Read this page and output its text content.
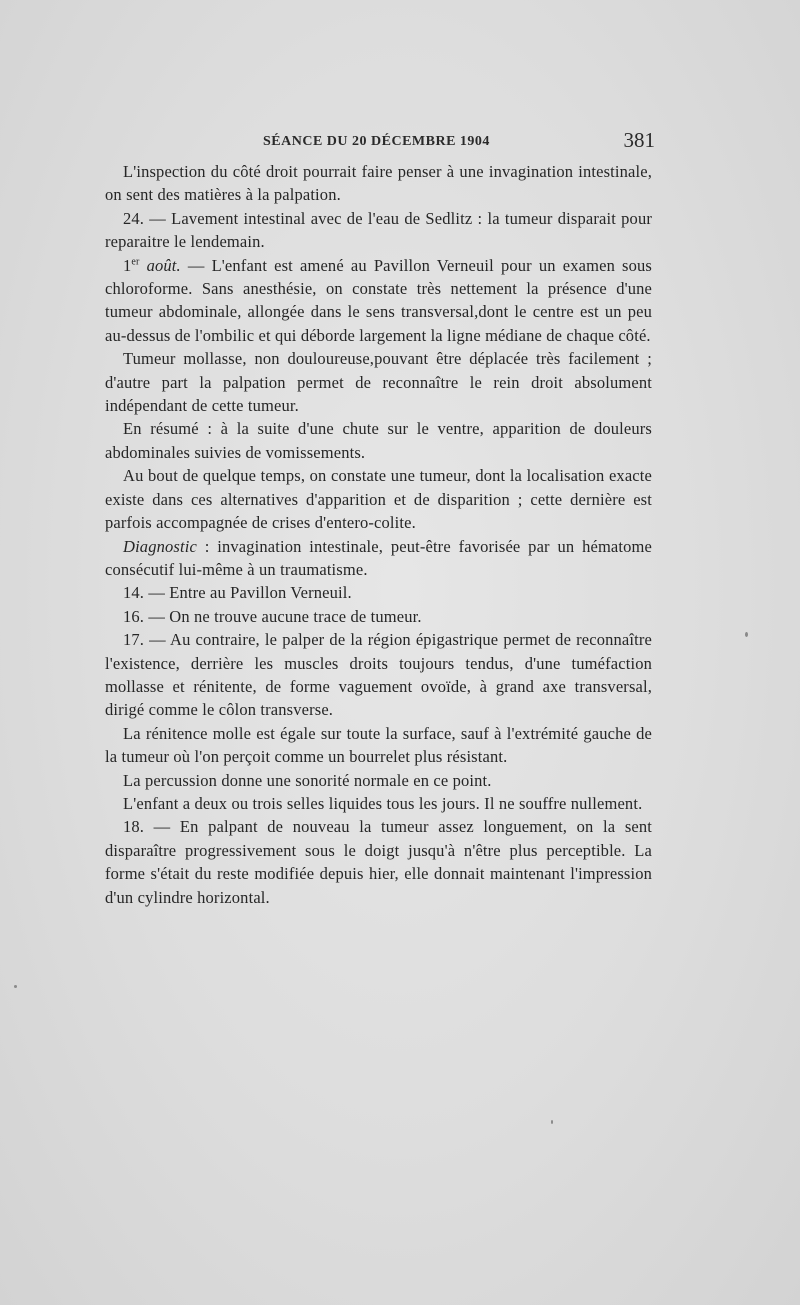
SÉANCE DU 20 DÉCEMBRE 1904	381

L'inspection du côté droit pourrait faire penser à une invagination intestinale, on sent des matières à la palpation.

24. — Lavement intestinal avec de l'eau de Sedlitz : la tumeur disparait pour reparaitre le lendemain.

1er août. — L'enfant est amené au Pavillon Verneuil pour un examen sous chloroforme. Sans anesthésie, on constate très nettement la présence d'une tumeur abdominale, allongée dans le sens transversal,dont le centre est un peu au-dessus de l'ombilic et qui déborde largement la ligne médiane de chaque côté.

Tumeur mollasse, non douloureuse,pouvant être déplacée très facilement ; d'autre part la palpation permet de reconnaître le rein droit absolument indépendant de cette tumeur.

En résumé : à la suite d'une chute sur le ventre, apparition de douleurs abdominales suivies de vomissements.

Au bout de quelque temps, on constate une tumeur, dont la localisation exacte existe dans ces alternatives d'apparition et de disparition ; cette dernière est parfois accompagnée de crises d'entero-colite.

Diagnostic : invagination intestinale, peut-être favorisée par un hématome consécutif lui-même à un traumatisme.

14. — Entre au Pavillon Verneuil.

16. — On ne trouve aucune trace de tumeur.

17. — Au contraire, le palper de la région épigastrique permet de reconnaître l'existence, derrière les muscles droits toujours tendus, d'une tuméfaction mollasse et rénitente, de forme vaguement ovoïde, à grand axe transversal, dirigé comme le côlon transverse.

La rénitence molle est égale sur toute la surface, sauf à l'extrémité gauche de la tumeur où l'on perçoit comme un bourrelet plus résistant.

La percussion donne une sonorité normale en ce point.

L'enfant a deux ou trois selles liquides tous les jours. Il ne souffre nullement.

18. — En palpant de nouveau la tumeur assez longuement, on la sent disparaître progressivement sous le doigt jusqu'à n'être plus perceptible. La forme s'était du reste modifiée depuis hier, elle donnait maintenant l'impression d'un cylindre horizontal.
